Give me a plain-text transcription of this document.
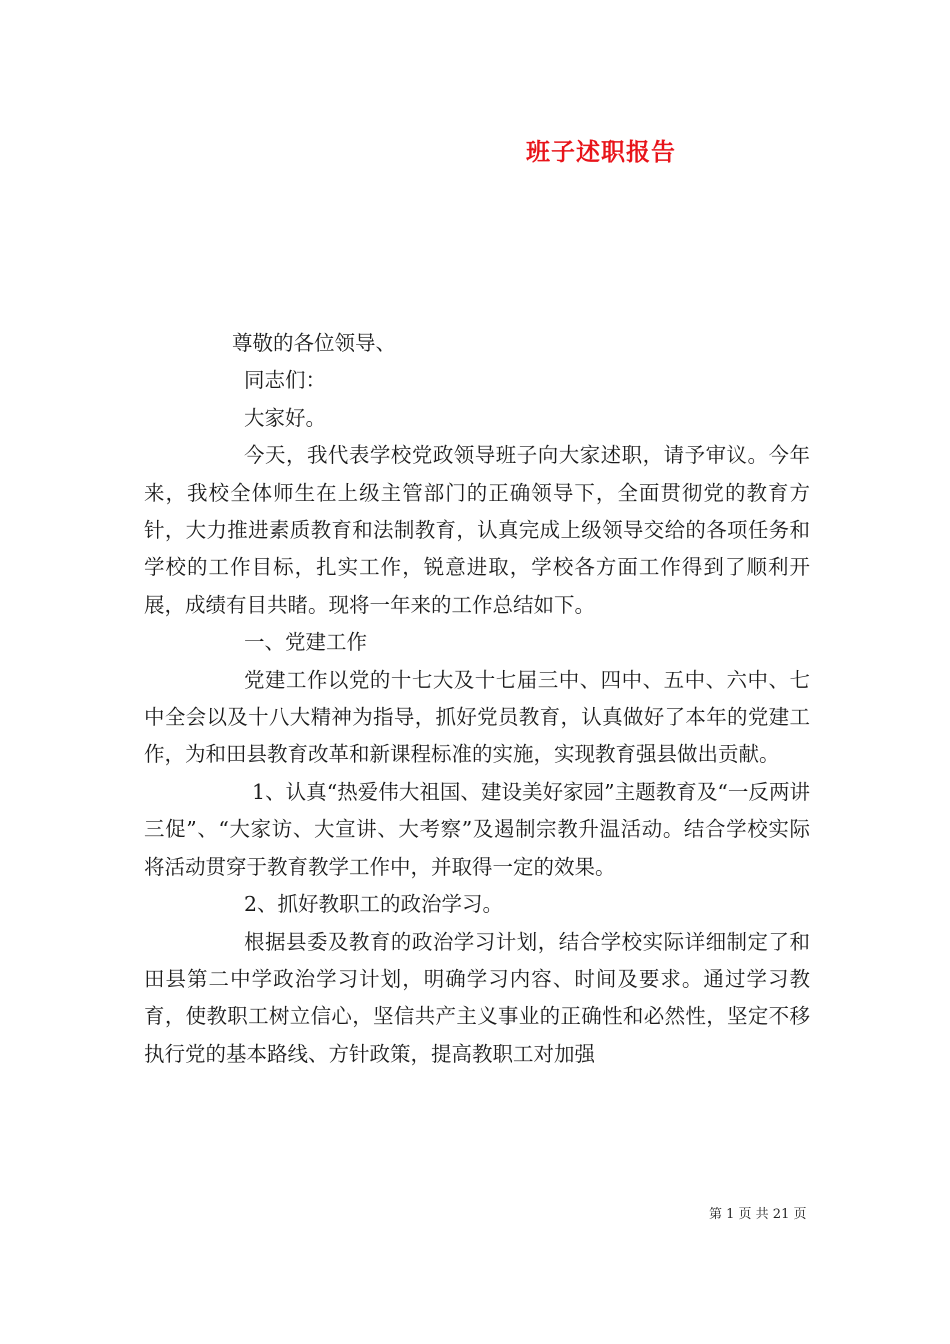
班子述职报告

尊敬的各位领导、

同志们：

大家好。

今天，我代表学校党政领导班子向大家述职，请予审议。今年来，我校全体师生在上级主管部门的正确领导下，全面贯彻党的教育方针，大力推进素质教育和法制教育，认真完成上级领导交给的各项任务和学校的工作目标，扎实工作，锐意进取，学校各方面工作得到了顺利开展，成绩有目共睹。现将一年来的工作总结如下。

一、党建工作

党建工作以党的十七大及十七届三中、四中、五中、六中、七中全会以及十八大精神为指导，抓好党员教育，认真做好了本年的党建工作，为和田县教育改革和新课程标准的实施，实现教育强县做出贡献。

1、认真“热爱伟大祖国、建设美好家园”主题教育及“一反两讲三促”、“大家访、大宣讲、大考察”及遏制宗教升温活动。结合学校实际将活动贯穿于教育教学工作中，并取得一定的效果。

2、抓好教职工的政治学习。

根据县委及教育的政治学习计划，结合学校实际详细制定了和田县第二中学政治学习计划，明确学习内容、时间及要求。通过学习教育，使教职工树立信心，坚信共产主义事业的正确性和必然性，坚定不移执行党的基本路线、方针政策，提高教职工对加强

第 1 页 共 21 页
